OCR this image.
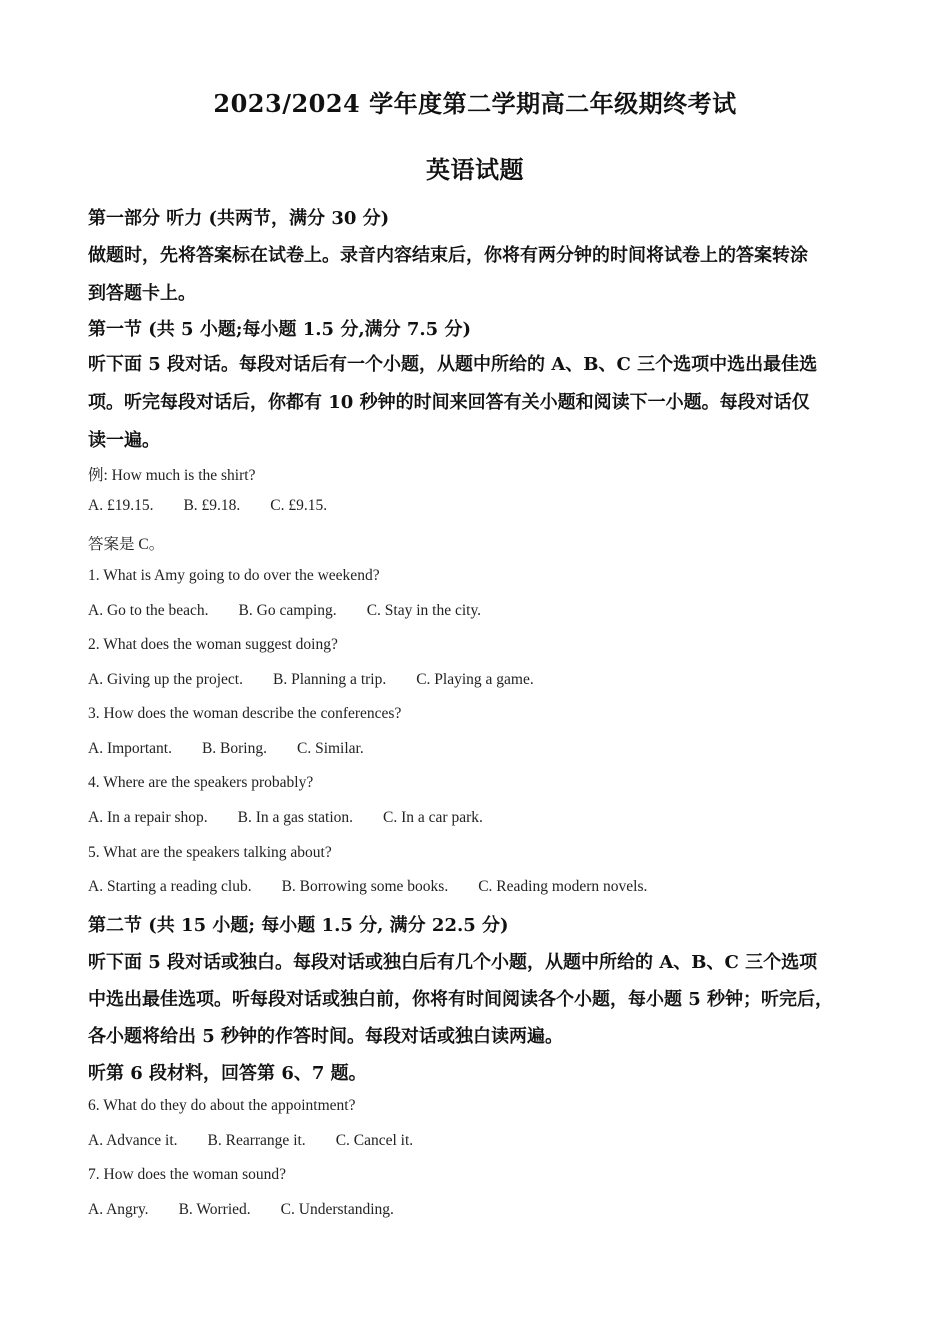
2023/2024 学年度第二学期高二年级期终考试
英语试题
第一部分 听力 (共两节，满分 30 分)
做题时，先将答案标在试卷上。录音内容结束后，你将有两分钟的时间将试卷上的答案转涂
到答题卡上。
第一节 (共 5 小题;每小题 1.5 分,满分 7.5 分)
听下面 5 段对话。每段对话后有一个小题，从题中所给的 A、B、C 三个选项中选出最佳选
项。听完每段对话后，你都有 10 秒钟的时间来回答有关小题和阅读下一小题。每段对话仅
读一遍。
例: How much is the shirt?
A. £19.15. B. £9.18. C. £9.15.
答案是 C。
1. What is Amy going to do over the weekend?
A. Go to the beach. B. Go camping. C. Stay in the city.
2. What does the woman suggest doing?
A. Giving up the project. B. Planning a trip. C. Playing a game.
3. How does the woman describe the conferences?
A. Important. B. Boring. C. Similar.
4. Where are the speakers probably?
A. In a repair shop. B. In a gas station. C. In a car park.
5. What are the speakers talking about?
A. Starting a reading club. B. Borrowing some books. C. Reading modern novels.
第二节 (共 15 小题; 每小题 1.5 分, 满分 22.5 分)
听下面 5 段对话或独白。每段对话或独白后有几个小题，从题中所给的 A、B、C 三个选项
中选出最佳选项。听每段对话或独白前，你将有时间阅读各个小题，每小题 5 秒钟；听完后，
各小题将给出 5 秒钟的作答时间。每段对话或独白读两遍。
听第 6 段材料，回答第 6、7 题。
6. What do they do about the appointment?
A. Advance it. B. Rearrange it. C. Cancel it.
7. How does the woman sound?
A. Angry. B. Worried. C. Understanding.
